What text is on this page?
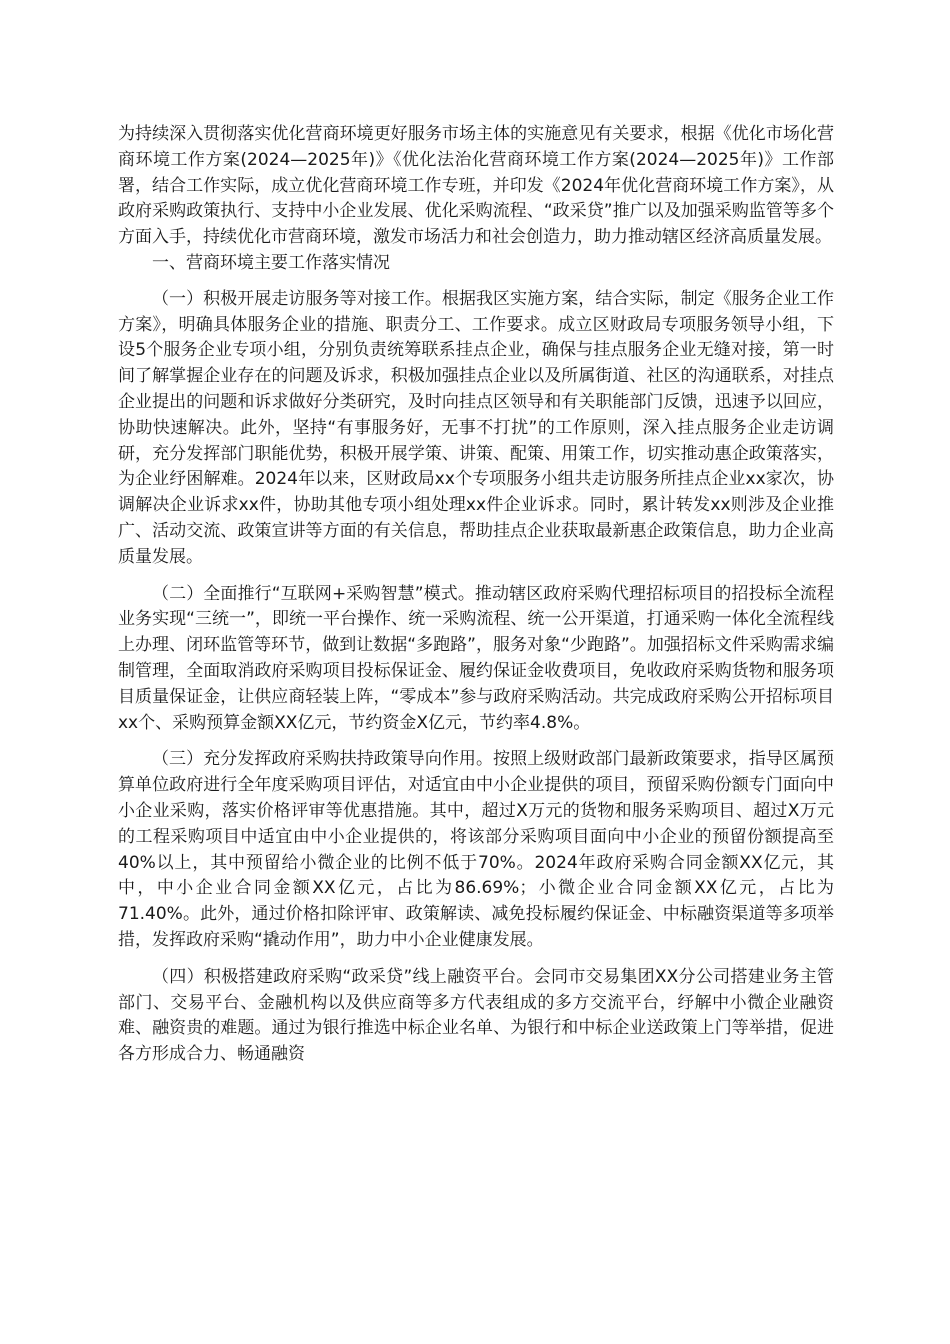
为持续深入贯彻落实优化营商环境更好服务市场主体的实施意见有关要求，根据《优化市场化营商环境工作方案(2024—2025年)》《优化法治化营商环境工作方案(2024—2025年)》工作部署，结合工作实际，成立优化营商环境工作专班，并印发《2024年优化营商环境工作方案》，从政府采购政策执行、支持中小企业发展、优化采购流程、“政采贷”推广以及加强采购监管等多个方面入手，持续优化市营商环境，激发市场活力和社会创造力，助力推动辖区经济高质量发展。

一、营商环境主要工作落实情况

（一）积极开展走访服务等对接工作。根据我区实施方案，结合实际，制定《服务企业工作方案》，明确具体服务企业的措施、职责分工、工作要求。成立区财政局专项服务领导小组，下设5个服务企业专项小组，分别负责统筹联系挂点企业，确保与挂点服务企业无缝对接，第一时间了解掌握企业存在的问题及诉求，积极加强挂点企业以及所属街道、社区的沟通联系，对挂点企业提出的问题和诉求做好分类研究，及时向挂点区领导和有关职能部门反馈，迅速予以回应，协助快速解决。此外，坚持“有事服务好，无事不打扰”的工作原则，深入挂点服务企业走访调研，充分发挥部门职能优势，积极开展学策、讲策、配策、用策工作，切实推动惠企政策落实，为企业纾困解难。2024年以来，区财政局xx个专项服务小组共走访服务所挂点企业xx家次，协调解决企业诉求xx件，协助其他专项小组处理xx件企业诉求。同时，累计转发xx则涉及企业推广、活动交流、政策宣讲等方面的有关信息，帮助挂点企业获取最新惠企政策信息，助力企业高质量发展。

（二）全面推行“互联网+采购智慧”模式。推动辖区政府采购代理招标项目的招投标全流程业务实现“三统一”，即统一平台操作、统一采购流程、统一公开渠道，打通采购一体化全流程线上办理、闭环监管等环节，做到让数据“多跑路”，服务对象“少跑路”。加强招标文件采购需求编制管理，全面取消政府采购项目投标保证金、履约保证金收费项目，免收政府采购货物和服务项目质量保证金，让供应商轻装上阵，“零成本”参与政府采购活动。共完成政府采购公开招标项目xx个、采购预算金额XX亿元，节约资金X亿元，节约率4.8%。

（三）充分发挥政府采购扶持政策导向作用。按照上级财政部门最新政策要求，指导区属预算单位政府进行全年度采购项目评估，对适宜由中小企业提供的项目，预留采购份额专门面向中小企业采购，落实价格评审等优惠措施。其中，超过X万元的货物和服务采购项目、超过X万元的工程采购项目中适宜由中小企业提供的，将该部分采购项目面向中小企业的预留份额提高至40%以上，其中预留给小微企业的比例不低于70%。2024年政府采购合同金额XX亿元，其中，中小企业合同金额XX亿元，占比为86.69%；小微企业合同金额XX亿元，占比为71.40%。此外，通过价格扣除评审、政策解读、减免投标履约保证金、中标融资渠道等多项举措，发挥政府采购“撬动作用”，助力中小企业健康发展。

（四）积极搭建政府采购“政采贷”线上融资平台。会同市交易集团XX分公司搭建业务主管部门、交易平台、金融机构以及供应商等多方代表组成的多方交流平台，纾解中小微企业融资难、融资贵的难题。通过为银行推选中标企业名单、为银行和中标企业送政策上门等举措，促进各方形成合力、畅通融资
